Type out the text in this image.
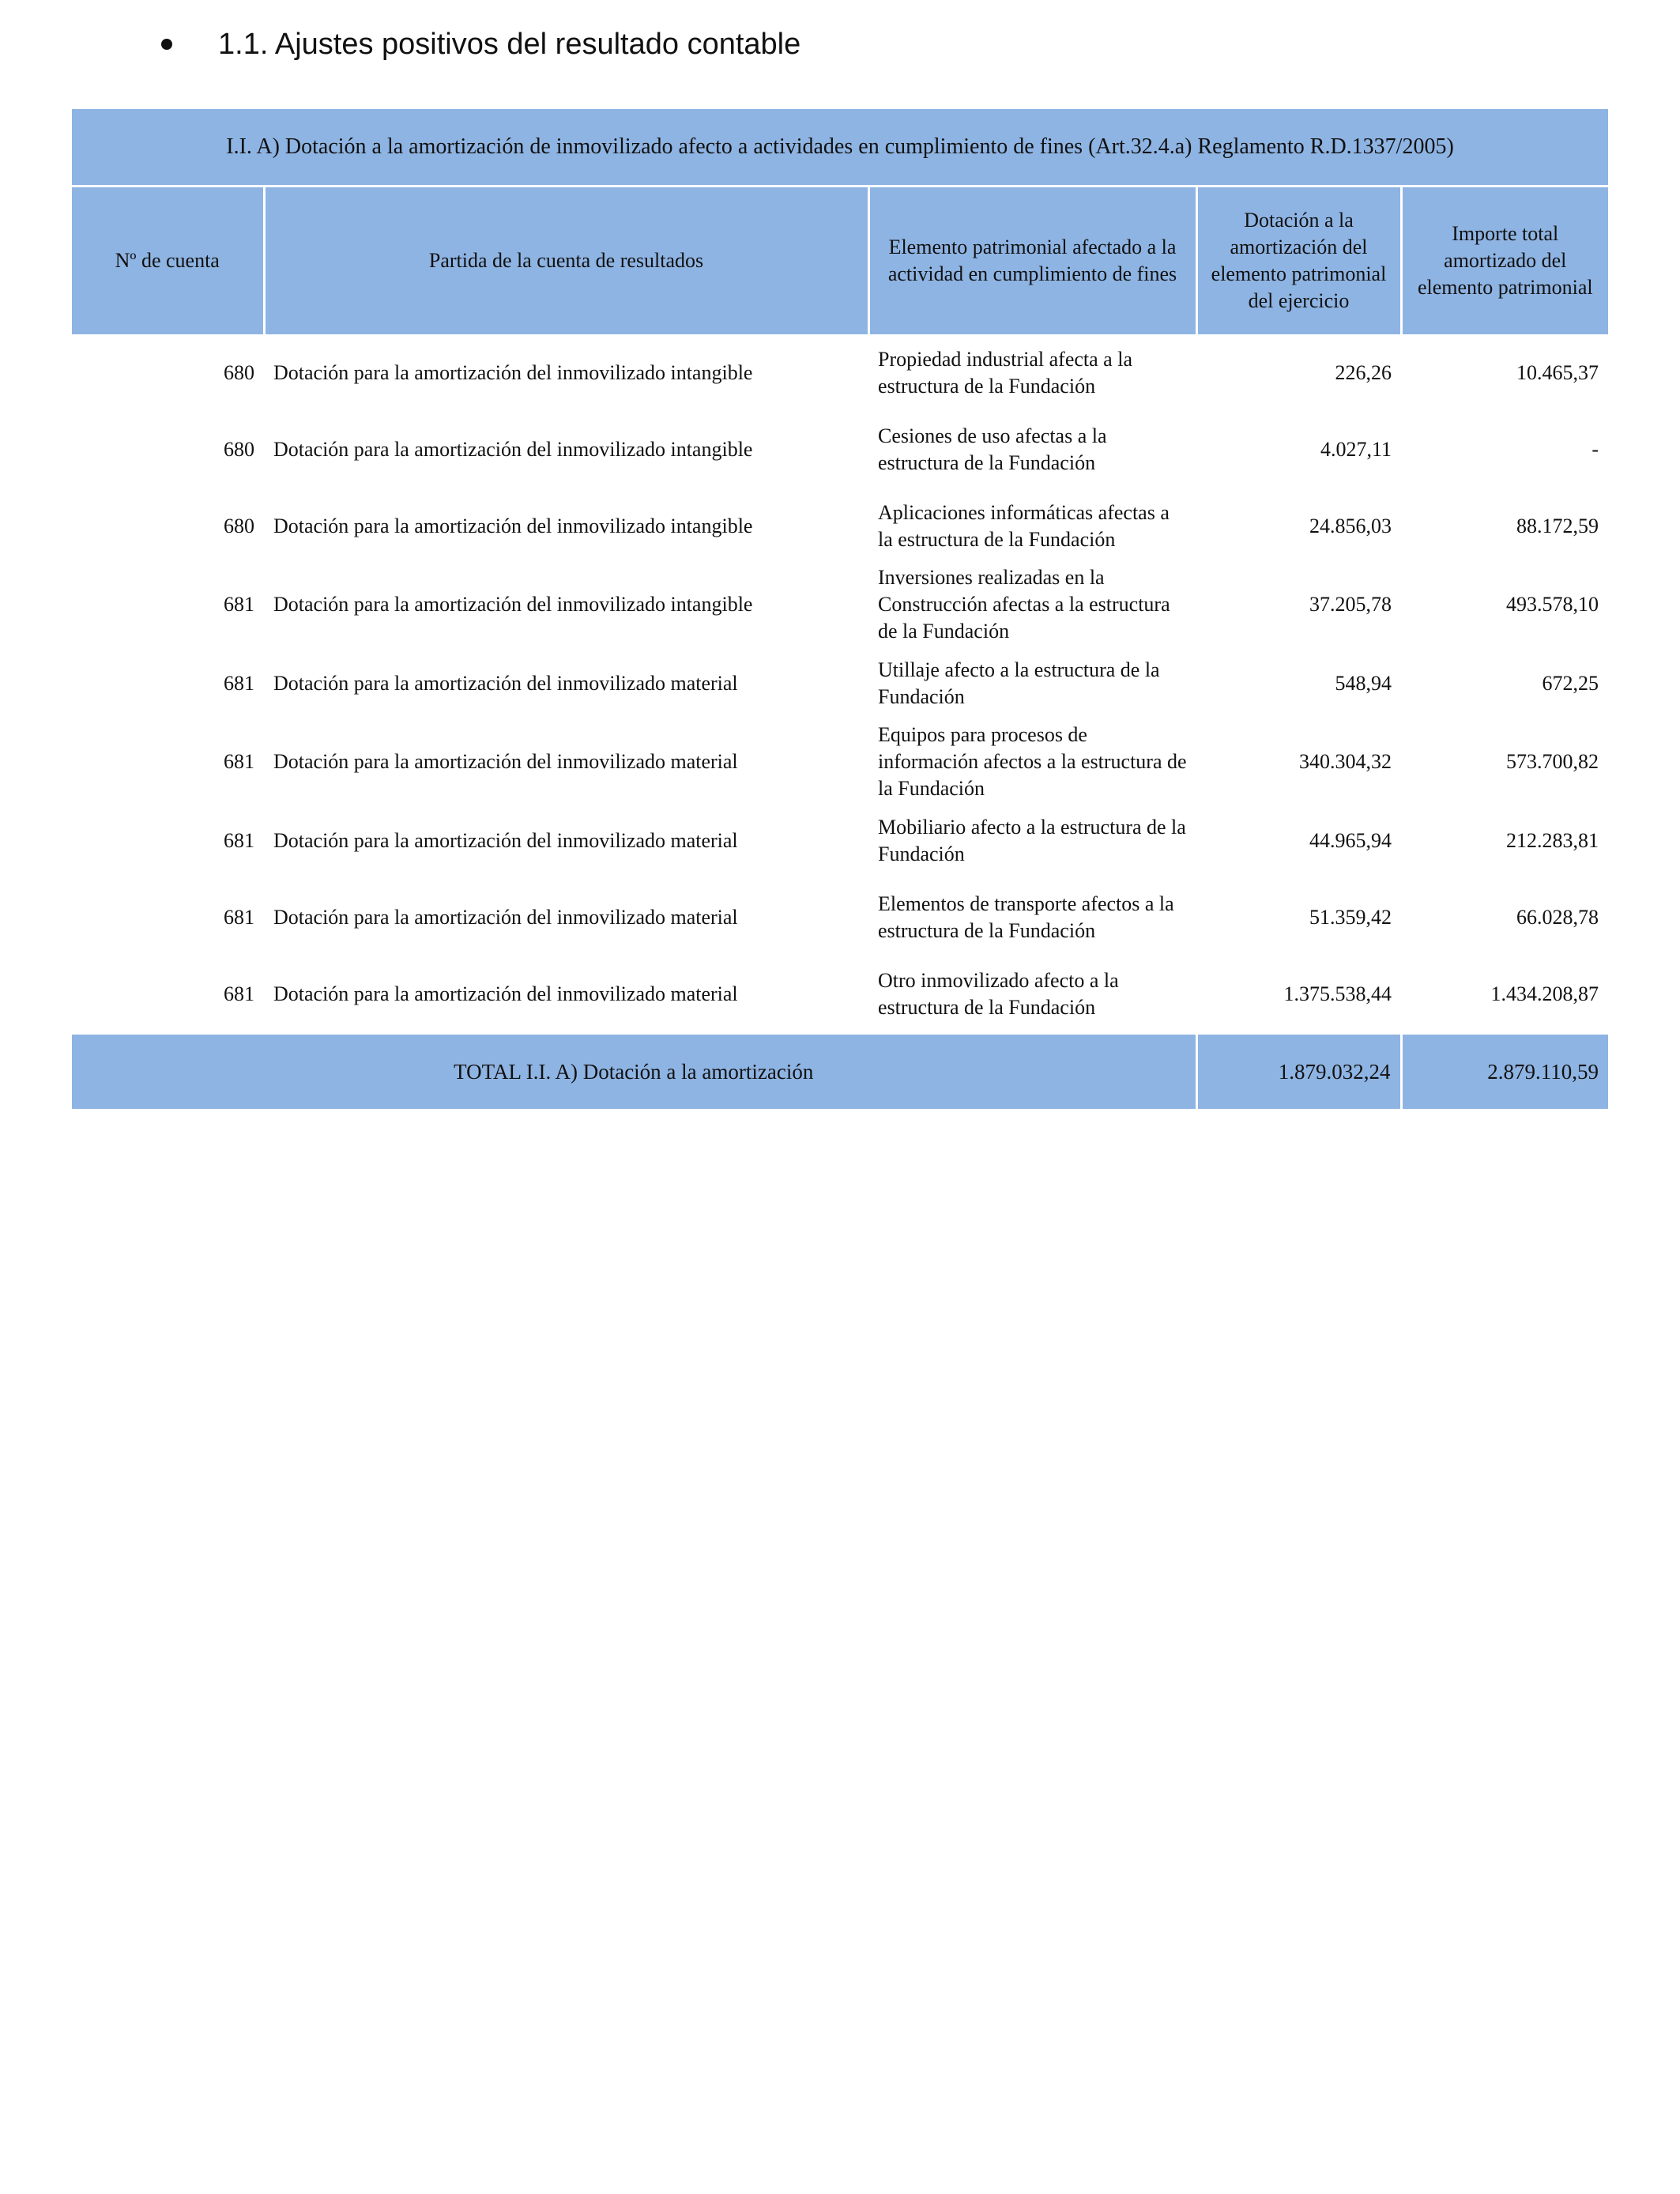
1.1. Ajustes positivos del resultado contable
I.I. A) Dotación a la amortización de inmovilizado afecto a actividades en cumplimiento de fines (Art.32.4.a) Reglamento R.D.1337/2005)				
Nº de cuenta	Partida de la cuenta de resultados	Elemento patrimonial afectado a la actividad en cumplimiento de fines	Dotación a la amortización del elemento patrimonial del ejercicio	Importe total amortizado del elemento patrimonial
680	Dotación para la amortización del inmovilizado intangible	Propiedad industrial afecta a la estructura de la Fundación	226,26	10.465,37
680	Dotación para la amortización del inmovilizado intangible	Cesiones de uso afectas a la estructura de la Fundación	4.027,11	-
680	Dotación para la amortización del inmovilizado intangible	Aplicaciones informáticas afectas a la estructura de la Fundación	24.856,03	88.172,59
681	Dotación para la amortización del inmovilizado intangible	Inversiones realizadas en la Construcción afectas a la estructura de la Fundación	37.205,78	493.578,10
681	Dotación para la amortización del inmovilizado material	Utillaje afecto a la estructura de la Fundación	548,94	672,25
681	Dotación para la amortización del inmovilizado material	Equipos para procesos de información afectos a la estructura de la Fundación	340.304,32	573.700,82
681	Dotación para la amortización del inmovilizado material	Mobiliario afecto a la estructura de la Fundación	44.965,94	212.283,81
681	Dotación para la amortización del inmovilizado material	Elementos de transporte afectos a la estructura de la Fundación	51.359,42	66.028,78
681	Dotación para la amortización del inmovilizado material	Otro inmovilizado afecto a la estructura de la Fundación	1.375.538,44	1.434.208,87
TOTAL I.I. A) Dotación a la amortización			1.879.032,24	2.879.110,59
